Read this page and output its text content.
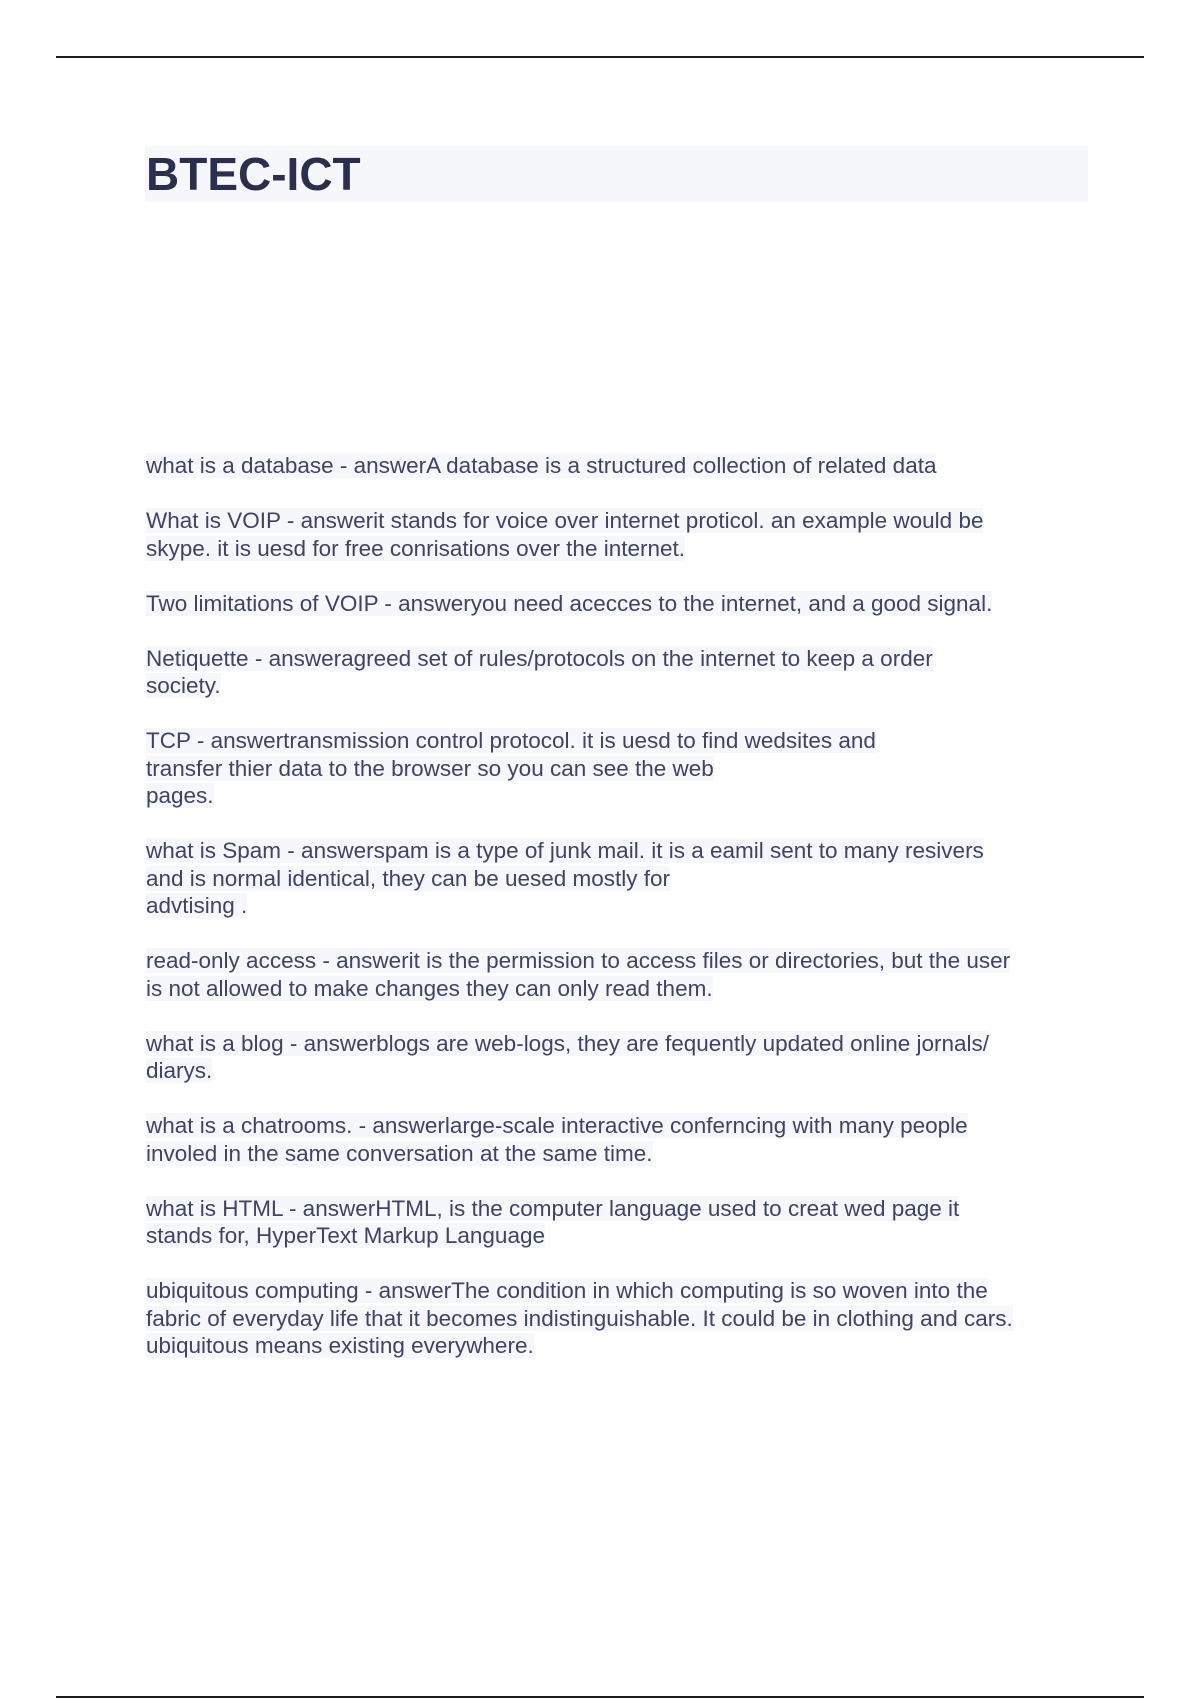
BTEC-ICT

what is a database - answerA database is a structured collection of related data

What is VOIP - answerit stands for voice over internet proticol. an example would be
skype. it is uesd for free conrisations over the internet.

Two limitations of VOIP - answeryou need acecces to the internet, and a good signal.

Netiquette - answeragreed set of rules/protocols on the internet to keep a order
society.

TCP - answertransmission control protocol. it is uesd to find wedsites and
transfer thier data to the browser so you can see the web
pages.

what is Spam - answerspam is a type of junk mail. it is a eamil sent to many resivers
and is normal identical, they can be uesed mostly for
advtising .

read-only access - answerit is the permission to access files or directories, but the user
is not allowed to make changes they can only read them.

what is a blog - answerblogs are web-logs, they are fequently updated online jornals/
diarys.

what is a chatrooms. - answerlarge-scale interactive conferncing with many people
involed in the same conversation at the same time.

what is HTML - answerHTML, is the computer language used to creat wed page it
stands for, HyperText Markup Language

ubiquitous computing - answerThe condition in which computing is so woven into the
fabric of everyday life that it becomes indistinguishable. It could be in clothing and cars.
ubiquitous means existing everywhere.
